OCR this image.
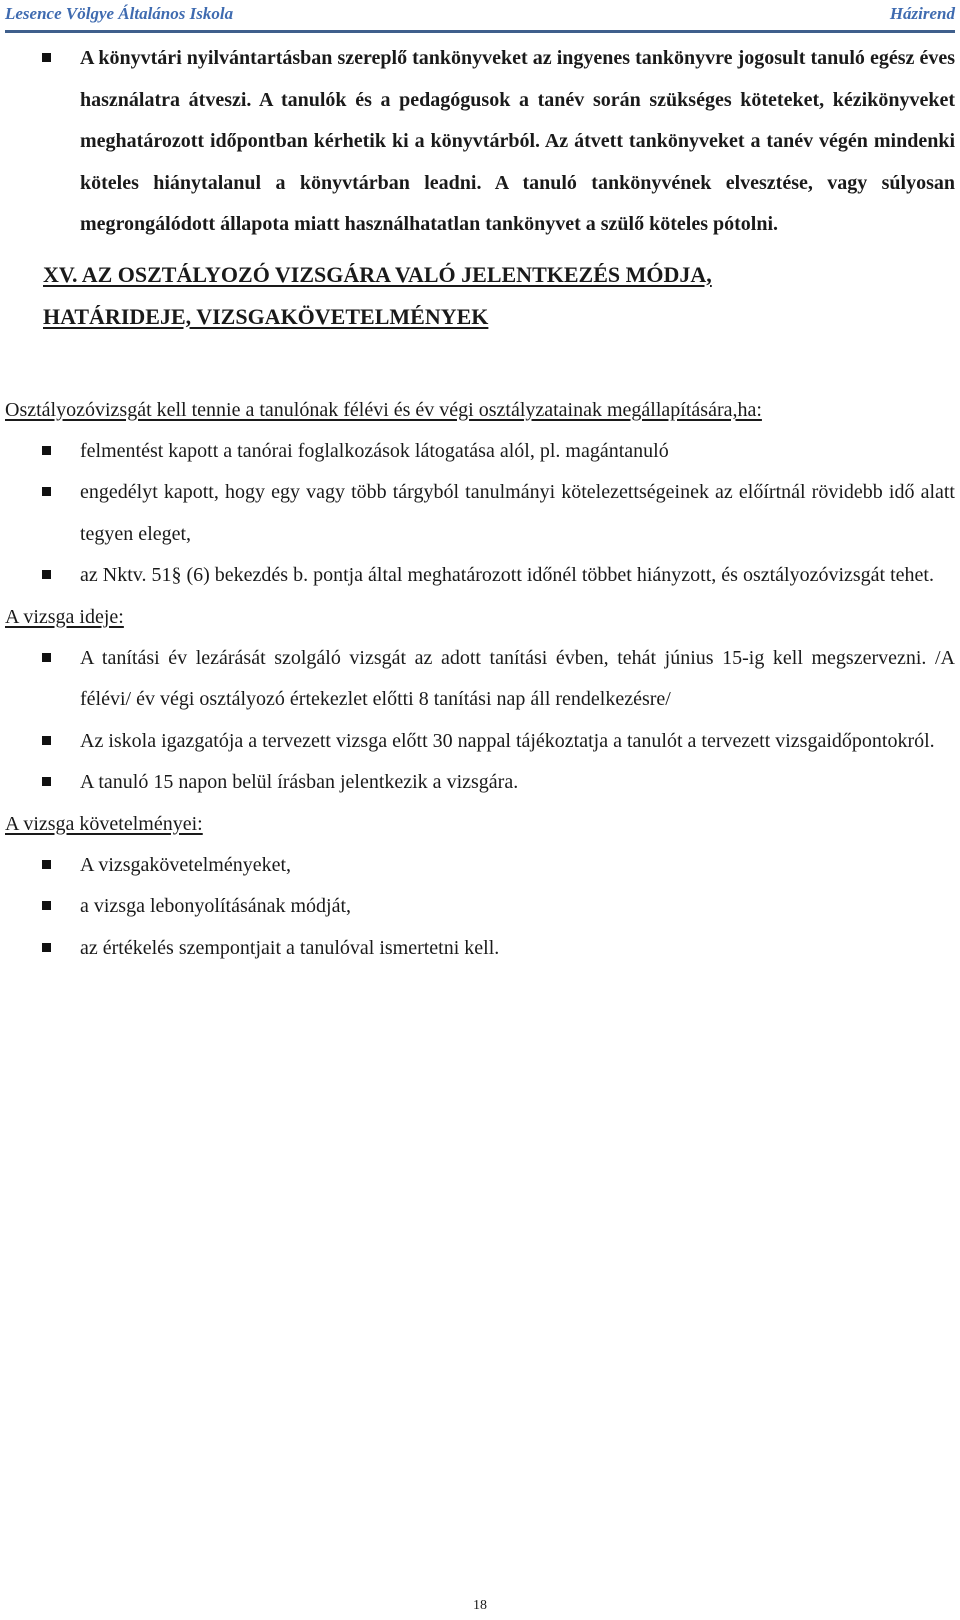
Lesence Völgye Általános Iskola	Házirend
A könyvtári nyilvántartásban szereplő tankönyveket az ingyenes tankönyvre jogosult tanuló egész éves használatra átveszi. A tanulók és a pedagógusok a tanév során szükséges köteteket, kézikönyveket meghatározott időpontban kérhetik ki a könyvtárból. Az átvett tankönyveket a tanév végén mindenki köteles hiánytalanul a könyvtárban leadni. A tanuló tankönyvének elvesztése, vagy súlyosan megrongálódott állapota miatt használhatatlan tankönyvet a szülő köteles pótolni.
XV. AZ OSZTÁLYOZÓ VIZSGÁRA VALÓ JELENTKEZÉS MÓDJA,
HATÁRIDEJE, VIZSGAKÖVETELMÉNYEK

Osztályozóvizsgát kell tennie a tanulónak félévi és év végi osztályzatainak megállapítására,ha:

felmentést kapott a tanórai foglalkozások látogatása alól, pl. magántanuló
engedélyt kapott, hogy egy vagy több tárgyból tanulmányi kötelezettségeinek az előírtnál rövidebb idő alatt tegyen eleget,
az Nktv. 51§ (6) bekezdés b. pontja által meghatározott időnél többet hiányzott, és osztályozóvizsgát tehet.

A vizsga ideje:

A tanítási év lezárását szolgáló vizsgát az adott tanítási évben, tehát június 15-ig kell megszervezni. /A félévi/ év végi osztályozó értekezlet előtti 8 tanítási nap áll rendelkezésre/
Az iskola igazgatója a tervezett vizsga előtt 30 nappal tájékoztatja a tanulót a tervezett vizsgaidőpontokról.
A tanuló 15 napon belül írásban jelentkezik a vizsgára.

A vizsga követelményei:

A vizsgakövetelményeket,
a vizsga lebonyolításának módját,
az értékelés szempontjait a tanulóval ismertetni kell.
18
